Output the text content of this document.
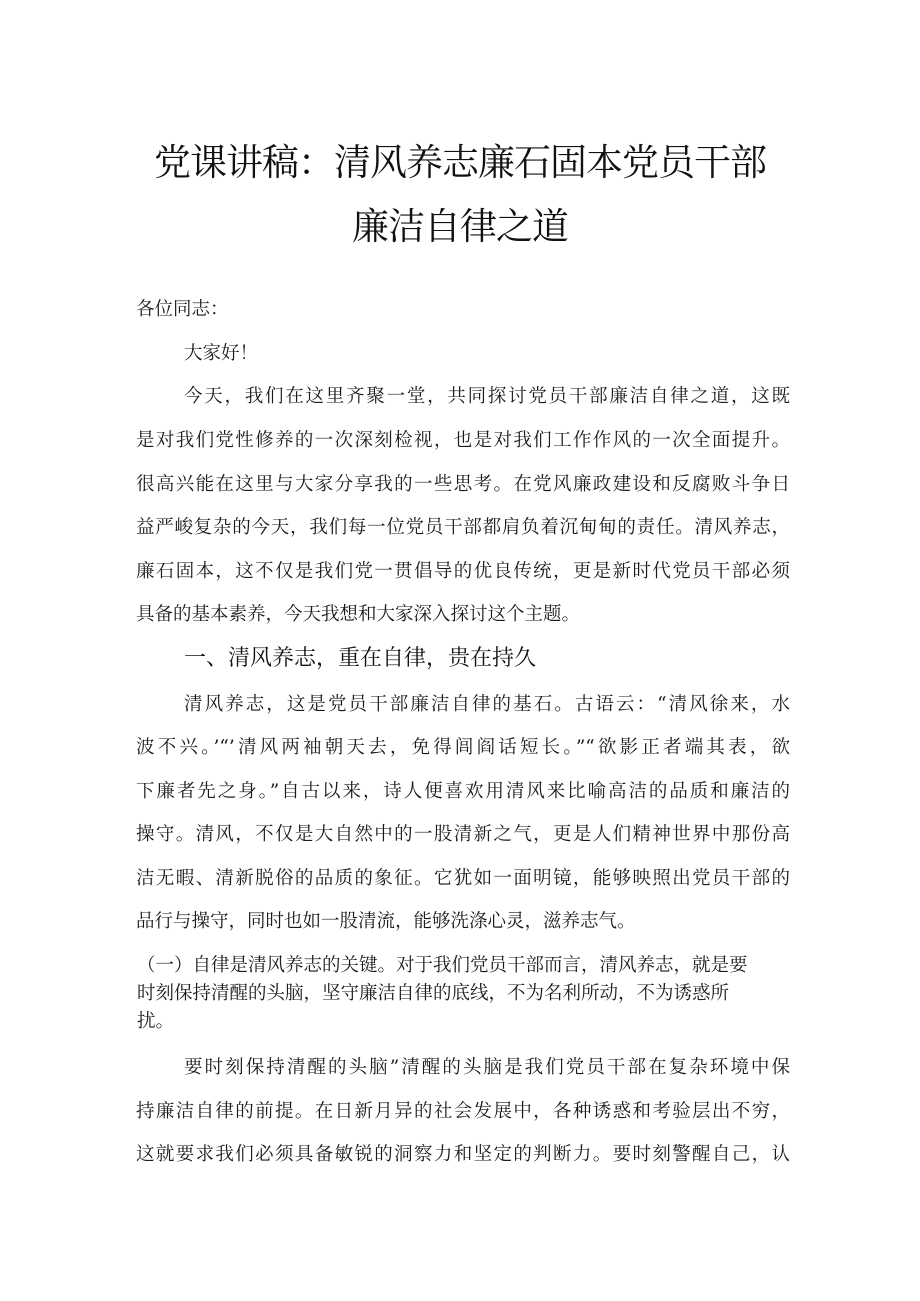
党课讲稿：清风养志廉石固本党员干部
廉洁自律之道
各位同志：
大家好！
今天，我们在这里齐聚一堂，共同探讨党员干部廉洁自律之道，这既
是对我们党性修养的一次深刻检视，也是对我们工作作风的一次全面提升。
很高兴能在这里与大家分享我的一些思考。在党风廉政建设和反腐败斗争日
益严峻复杂的今天，我们每一位党员干部都肩负着沉甸甸的责任。清风养志，
廉石固本，这不仅是我们党一贯倡导的优良传统，更是新时代党员干部必须
具备的基本素养，今天我想和大家深入探讨这个主题。
一、清风养志，重在自律，贵在持久
清风养志，这是党员干部廉洁自律的基石。古语云：“清风徐来，水
波不兴。’“’清风两袖朝天去，免得闾阎话短长。”“欲影正者端其表，欲
下廉者先之身。”自古以来，诗人便喜欢用清风来比喻高洁的品质和廉洁的
操守。清风，不仅是大自然中的一股清新之气，更是人们精神世界中那份高
洁无暇、清新脱俗的品质的象征。它犹如一面明镜，能够映照出党员干部的
品行与操守，同时也如一股清流，能够洗涤心灵，滋养志气。
（一）自律是清风养志的关键。对于我们党员干部而言，清风养志，就是要
时刻保持清醒的头脑，坚守廉洁自律的底线，不为名利所动，不为诱惑所
扰。
要时刻保持清醒的头脑”清醒的头脑是我们党员干部在复杂环境中保
持廉洁自律的前提。在日新月异的社会发展中，各种诱惑和考验层出不穷，
这就要求我们必须具备敏锐的洞察力和坚定的判断力。要时刻警醒自己，认
